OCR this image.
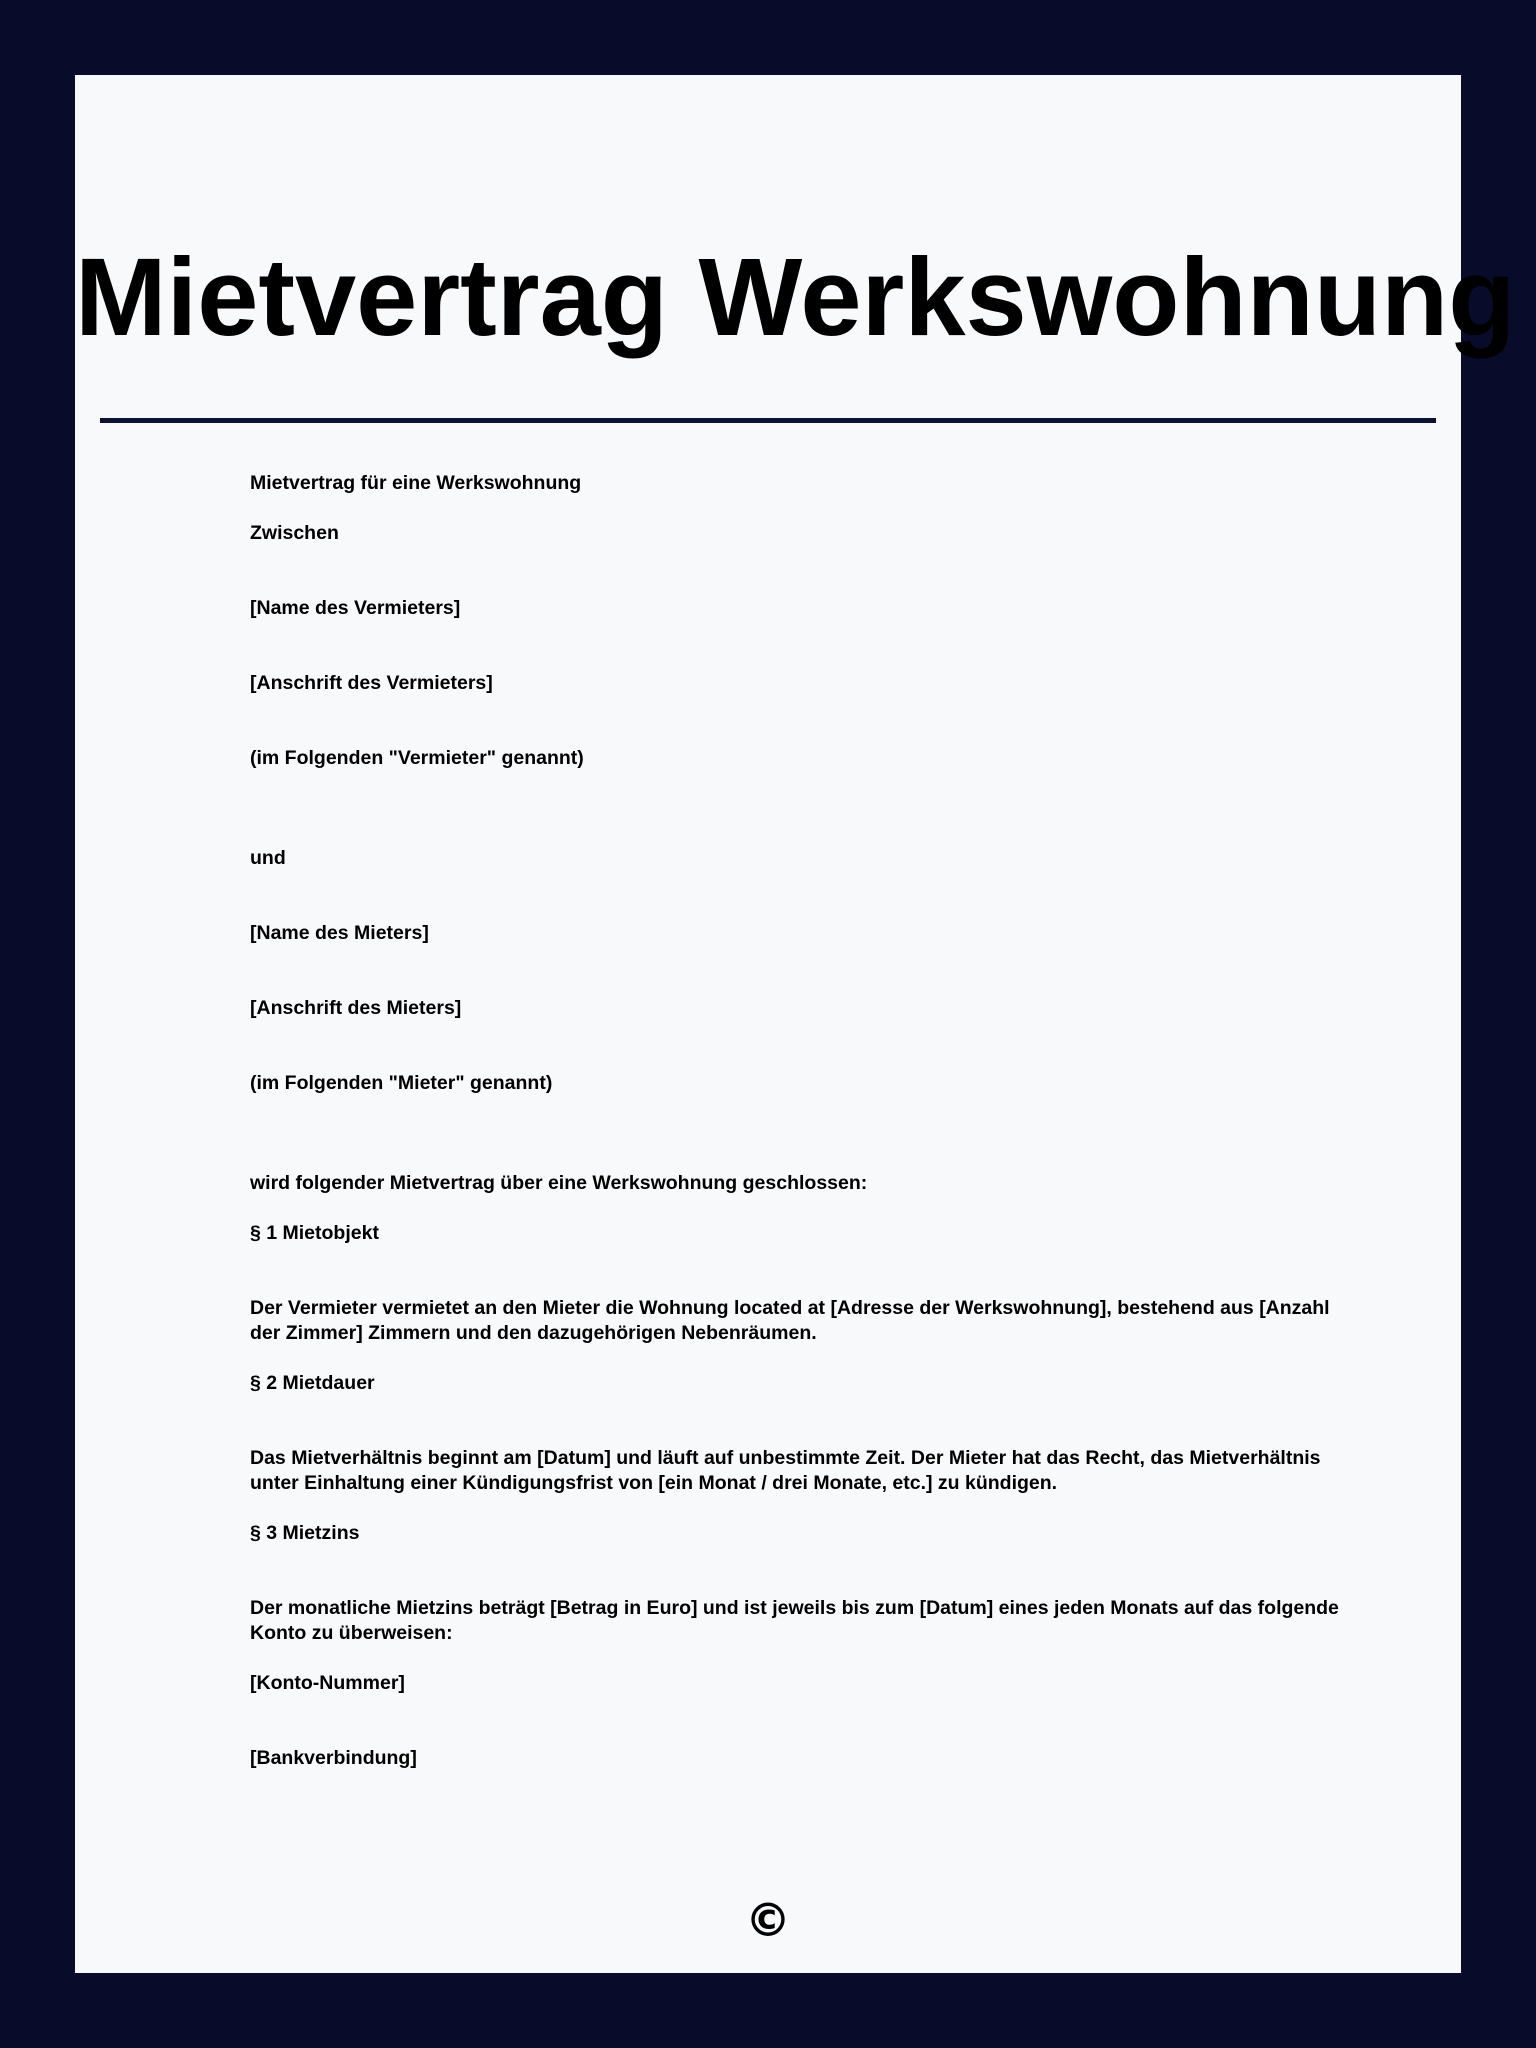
Mietvertrag Werkswohnung

Mietvertrag für eine Werkswohnung

Zwischen

[Name des Vermieters]

[Anschrift des Vermieters]

(im Folgenden "Vermieter" genannt)

und

[Name des Mieters]

[Anschrift des Mieters]

(im Folgenden "Mieter" genannt)

wird folgender Mietvertrag über eine Werkswohnung geschlossen:

§ 1 Mietobjekt

Der Vermieter vermietet an den Mieter die Wohnung located at [Adresse der Werkswohnung], bestehend aus [Anzahl der Zimmer] Zimmern und den dazugehörigen Nebenräumen.

§ 2 Mietdauer

Das Mietverhältnis beginnt am [Datum] und läuft auf unbestimmte Zeit. Der Mieter hat das Recht, das Mietverhältnis unter Einhaltung einer Kündigungsfrist von [ein Monat / drei Monate, etc.] zu kündigen.

§ 3 Mietzins

Der monatliche Mietzins beträgt [Betrag in Euro] und ist jeweils bis zum [Datum] eines jeden Monats auf das folgende Konto zu überweisen:

[Konto-Nummer]

[Bankverbindung]

©
